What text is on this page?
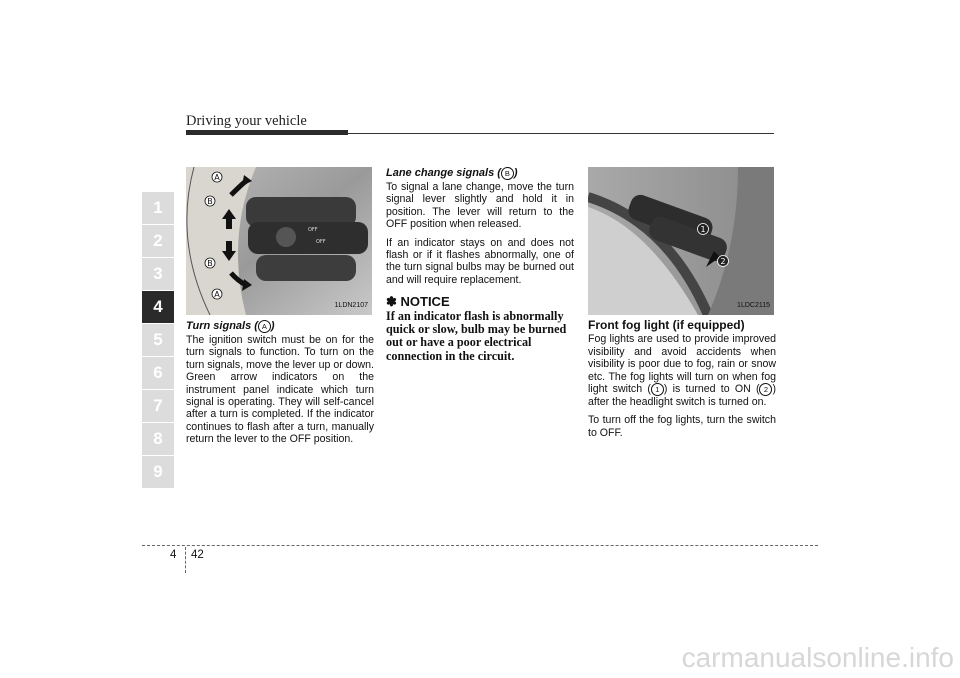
Driving your vehicle
1
2
3
4
5
6
7
8
9
OFF
OFF
A
B
B
A
1LDN2107
Turn signals ( A )

The ignition switch must be on for the turn signals to function. To turn on the turn signals, move the lever up or down. Green arrow indicators on the instrument panel indicate which turn signal is operating. They will self-cancel after a turn is completed. If the indicator continues to flash after a turn, manually return the lever to the OFF position.

Lane change signals ( B )

To signal a lane change, move the turn signal lever slightly and hold it in position. The lever will return to the OFF position when released.

If an indicator stays on and does not flash or if it flashes abnormally, one of the turn signal bulbs may be burned out and will require replacement.

✽ NOTICE
If an indicator flash is abnormally quick or slow, bulb may be burned out or have a poor electrical connection in the circuit.
1
2
1LDC2115
Front fog light (if equipped)

Fog lights are used to provide improved visibility and avoid accidents when visibility is poor due to fog, rain or snow etc. The fog lights will turn on when fog light switch ( 1 ) is turned to ON ( 2 ) after the headlight switch is turned on.

To turn off the fog lights, turn the switch to OFF.

4 42
carmanualsonline.info
